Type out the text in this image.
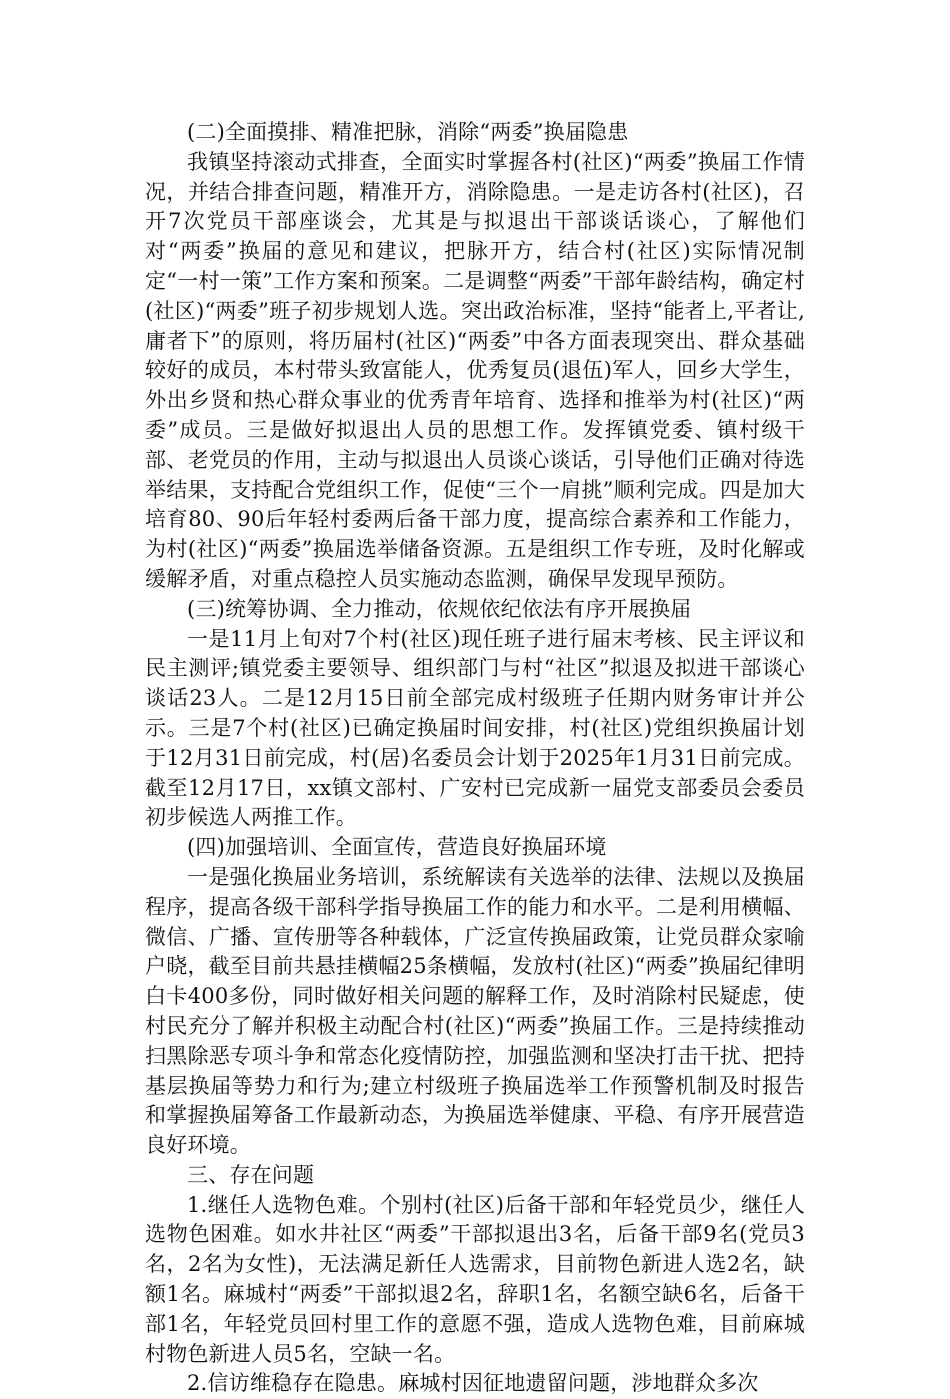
(二)全面摸排、精准把脉，消除“两委”换届隐患

我镇坚持滚动式排查，全面实时掌握各村(社区)“两委”换届工作情况，并结合排查问题，精准开方，消除隐患。一是走访各村(社区)，召开7次党员干部座谈会，尤其是与拟退出干部谈话谈心，了解他们对“两委”换届的意见和建议，把脉开方，结合村(社区)实际情况制定“一村一策”工作方案和预案。二是调整“两委”干部年龄结构，确定村(社区)“两委”班子初步规划人选。突出政治标准，坚持“能者上,平者让,庸者下”的原则，将历届村(社区)“两委”中各方面表现突出、群众基础较好的成员，本村带头致富能人，优秀复员(退伍)军人，回乡大学生，外出乡贤和热心群众事业的优秀青年培育、选择和推举为村(社区)“两委”成员。三是做好拟退出人员的思想工作。发挥镇党委、镇村级干部、老党员的作用，主动与拟退出人员谈心谈话，引导他们正确对待选举结果，支持配合党组织工作，促使“三个一肩挑”顺利完成。四是加大培育80、90后年轻村委两后备干部力度，提高综合素养和工作能力，为村(社区)“两委”换届选举储备资源。五是组织工作专班，及时化解或缓解矛盾，对重点稳控人员实施动态监测，确保早发现早预防。

(三)统筹协调、全力推动，依规依纪依法有序开展换届

一是11月上旬对7个村(社区)现任班子进行届末考核、民主评议和民主测评;镇党委主要领导、组织部门与村“社区”拟退及拟进干部谈心谈话23人。二是12月15日前全部完成村级班子任期内财务审计并公示。三是7个村(社区)已确定换届时间安排，村(社区)党组织换届计划于12月31日前完成，村(居)名委员会计划于2025年1月31日前完成。截至12月17日，xx镇文部村、广安村已完成新一届党支部委员会委员初步候选人两推工作。

(四)加强培训、全面宣传，营造良好换届环境

一是强化换届业务培训，系统解读有关选举的法律、法规以及换届程序，提高各级干部科学指导换届工作的能力和水平。二是利用横幅、微信、广播、宣传册等各种载体，广泛宣传换届政策，让党员群众家喻户晓，截至目前共悬挂横幅25条横幅，发放村(社区)“两委”换届纪律明白卡400多份，同时做好相关问题的解释工作，及时消除村民疑虑，使村民充分了解并积极主动配合村(社区)“两委”换届工作。三是持续推动扫黑除恶专项斗争和常态化疫情防控，加强监测和坚决打击干扰、把持基层换届等势力和行为;建立村级班子换届选举工作预警机制及时报告和掌握换届筹备工作最新动态，为换届选举健康、平稳、有序开展营造良好环境。

三、存在问题

1.继任人选物色难。个别村(社区)后备干部和年轻党员少，继任人选物色困难。如水井社区“两委”干部拟退出3名，后备干部9名(党员3名，2名为女性)，无法满足新任人选需求，目前物色新进人选2名，缺额1名。麻城村“两委”干部拟退2名，辞职1名，名额空缺6名，后备干部1名，年轻党员回村里工作的意愿不强，造成人选物色难，目前麻城村物色新进人员5名，空缺一名。

2.信访维稳存在隐患。麻城村因征地遗留问题，涉地群众多次
